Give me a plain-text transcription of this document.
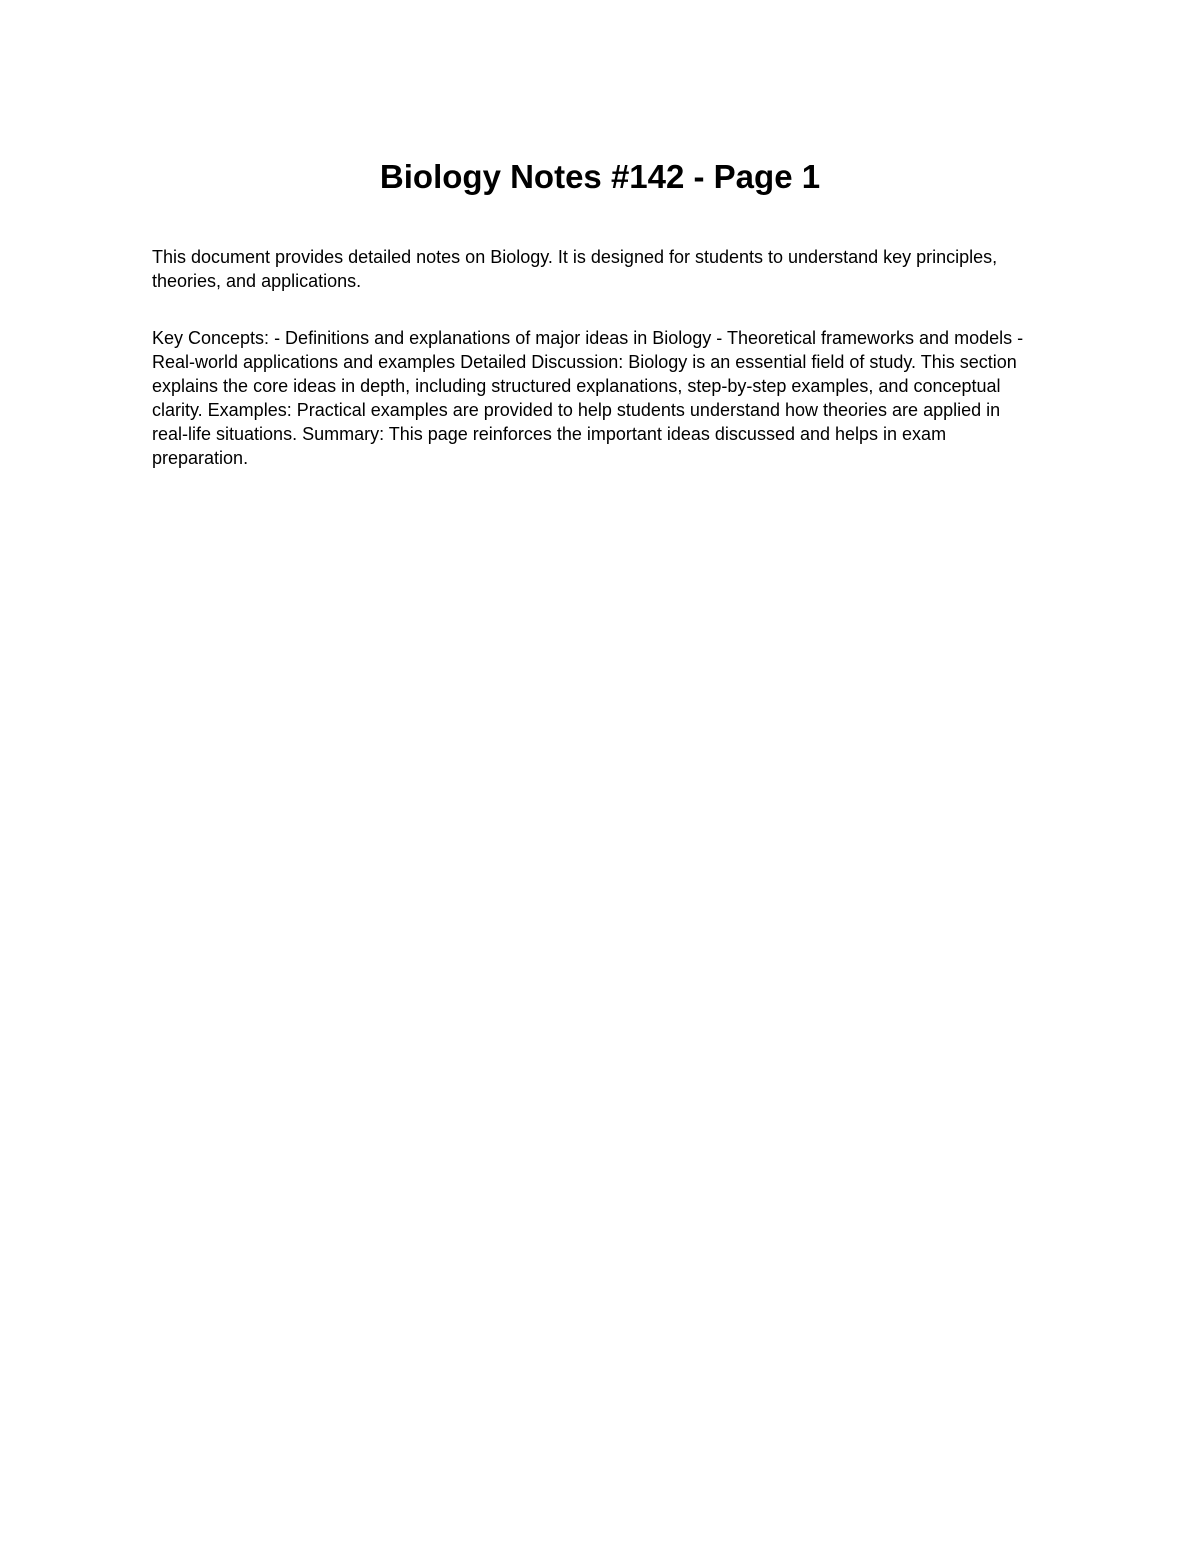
Biology Notes #142 - Page 1

This document provides detailed notes on Biology. It is designed for students to understand key principles, theories, and applications.

Key Concepts: - Definitions and explanations of major ideas in Biology - Theoretical frameworks and models - Real-world applications and examples Detailed Discussion: Biology is an essential field of study. This section explains the core ideas in depth, including structured explanations, step-by-step examples, and conceptual clarity. Examples: Practical examples are provided to help students understand how theories are applied in real-life situations. Summary: This page reinforces the important ideas discussed and helps in exam preparation.
